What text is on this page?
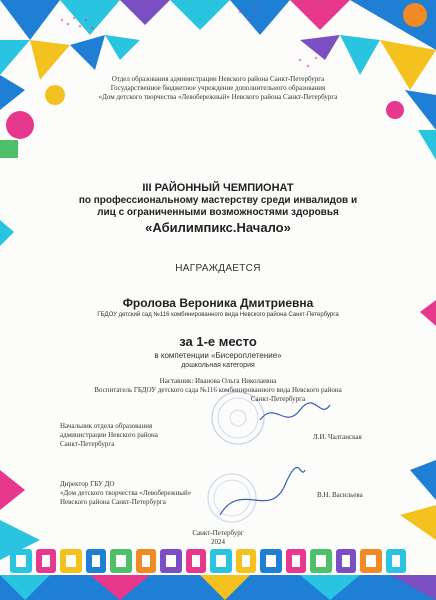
Отдел образования администрации Невского района Санкт-Петербурга
Государственное бюджетное учреждение дополнительного образования
«Дом детского творчества «Левобережный» Невского района Санкт-Петербурга
III РАЙОННЫЙ ЧЕМПИОНАТ
по профессиональному мастерству среди инвалидов и
лиц с ограниченными возможностями здоровья
«Абилимпикс.Начало»
НАГРАЖДАЕТСЯ
Фролова Вероника Дмитриевна
ГБДОУ детский сад №116 комбинированного вида Невского района Санкт-Петербурга
за 1-е место
в компетенции «Бисероплетение»
дошкольная категория
Наставник: Иванова Ольга Николаевна
Воспитатель ГБДОУ детского сада №116 комбинированного вида Невского района
Санкт-Петербурга
Начальник отдела образования
администрации Невского района
Санкт-Петербурга
Л.И. Чалганская
Директор ГБУ ДО
«Дом детского творчества «Левобережный»
Невского района Санкт-Петербурга
В.Н. Васильева
Санкт-Петербург
2024
